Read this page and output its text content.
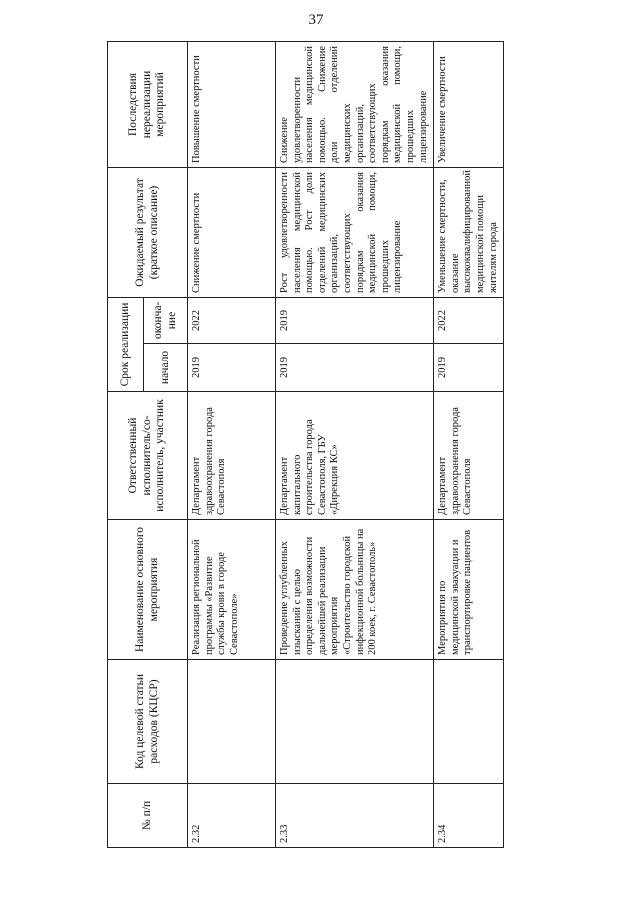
37
№ п/п	Код целевой статьи расходов (КЦСР)	Наименование основного мероприятия	Ответственный исполнитель/со-исполнитель, участник	Срок реализации		Ожидаемый результат (краткое описание)	Последствия нереализации мероприятий
				начало	оконча-ние		
2.32		Реализация региональной программы «Развитие службы крови в городе Севастополе»	Департамент здравоохранения города Севастополя	2019	2022	Снижение смертности	Повышение смертности
2.33		Проведение углубленных изысканий с целью определения возможности дальнейшей реализации мероприятия «Строительство городской инфекционной больницы на 200 коек, г. Севастополь»	Департамент капитального строительства города Севастополя, ГБУ «Дирекция КС»	2019	2019	Рост удовлетворенности населения медицинской помощью. Рост доли отделений медицинских организаций, соответствующих порядкам оказания медицинской помощи, прошедших лицензирование	Снижение удовлетворенности населения медицинской помощью. Снижение доли отделений медицинских организаций, соответствующих порядкам оказания медицинской помощи, прошедших лицензирование
2.34		Мероприятия по медицинской эвакуации и транспортировке пациентов	Департамент здравоохранения города Севастополя	2019	2022	Уменьшение смертности, оказание высококвалифицированной медицинской помощи жителям города	Увеличение смертности
